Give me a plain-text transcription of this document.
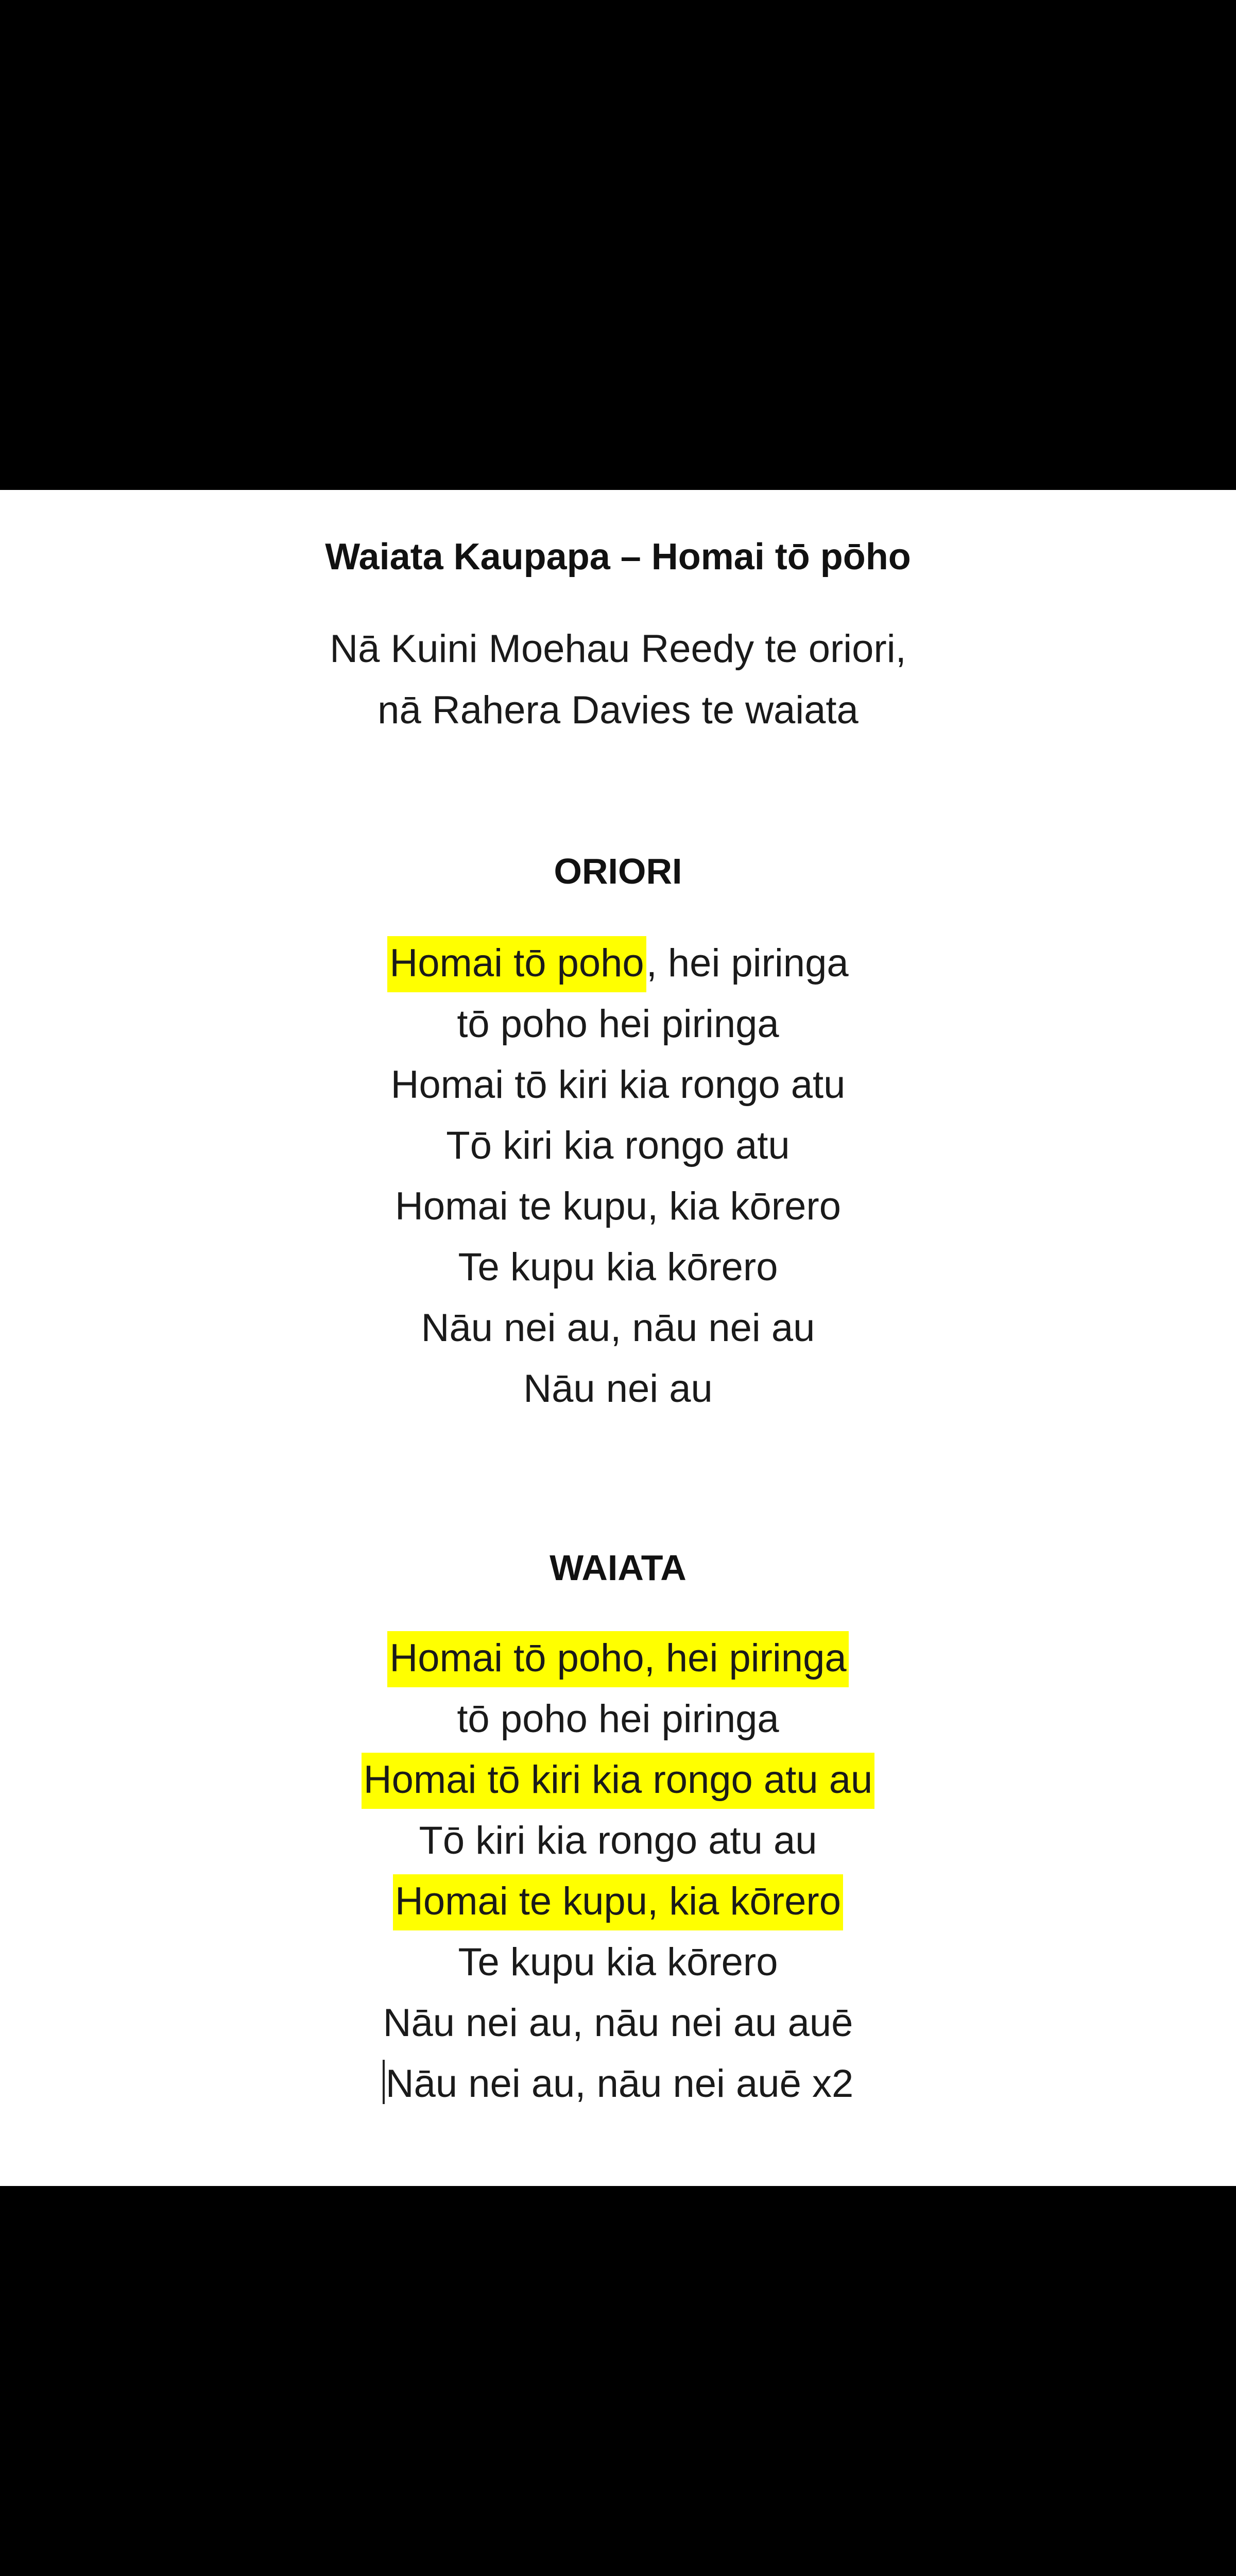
Waiata Kaupapa – Homai tō pōho
Nā Kuini Moehau Reedy te oriori,
nā Rahera Davies te waiata
ORIORI
Homai tō poho, hei piringa
tō poho hei piringa
Homai tō kiri kia rongo atu
Tō kiri kia rongo atu
Homai te kupu, kia kōrero
Te kupu kia kōrero
Nāu nei au, nāu nei au
Nāu nei au
WAIATA
Homai tō poho, hei piringa
tō poho hei piringa
Homai tō kiri kia rongo atu au
Tō kiri kia rongo atu au
Homai te kupu, kia kōrero
Te kupu kia kōrero
Nāu nei au, nāu nei au auē
Nāu nei au, nāu nei auē x2
